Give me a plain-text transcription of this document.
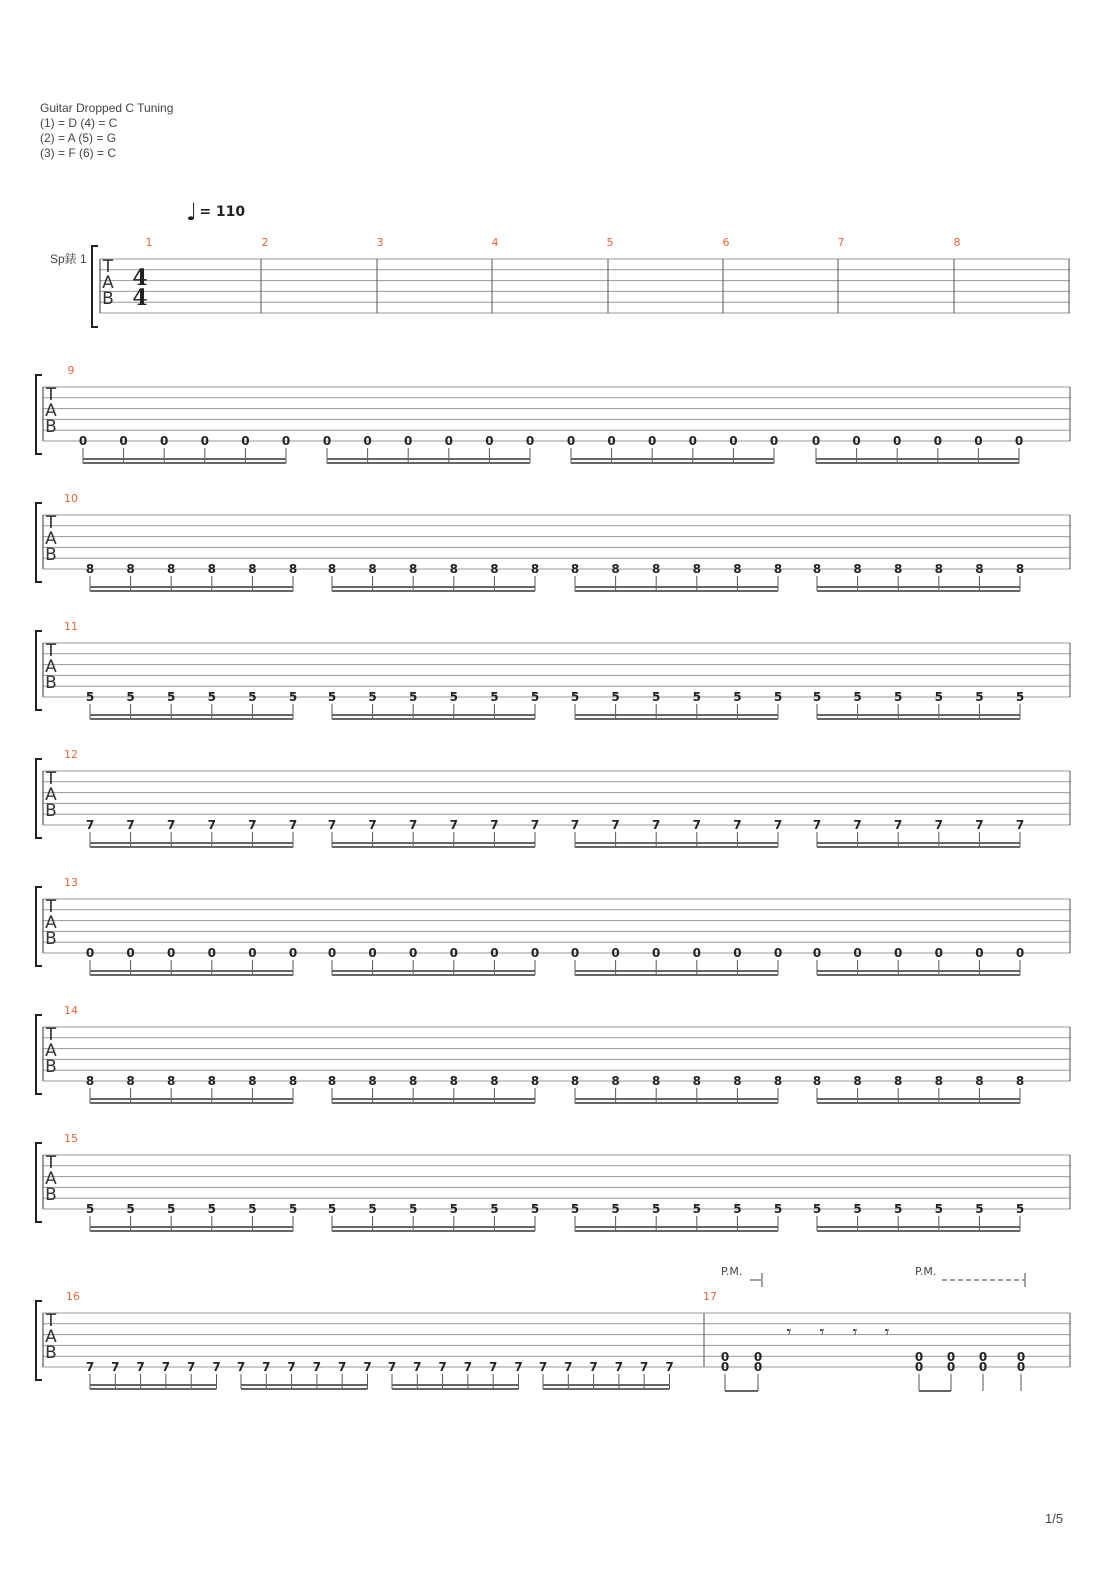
Guitar Dropped C Tuning
(1) = D (4) = C
(2) = A (5) = G
(3) = F (6) = C
♩ = 110
Sp錶 1 T
A
B
4
4
1	2	3	4	5	6	7	8
T
A
B
9
0	0	0	0	0	0	0	0	0	0	0	0	0	0	0	0	0	0	0	0	0	0	0	0
T
A
B
10
8	8	8	8	8	8	8	8	8	8	8	8	8	8	8	8	8	8	8	8	8	8	8	8
T
A
B
11
5	5	5	5	5	5	5	5	5	5	5	5	5	5	5	5	5	5	5	5	5	5	5	5
T
A
B
12
7	7	7	7	7	7	7	7	7	7	7	7	7	7	7	7	7	7	7	7	7	7	7	7
T
A
B
13
0	0	0	0	0	0	0	0	0	0	0	0	0	0	0	0	0	0	0	0	0	0	0	0
T
A
B
14
8	8	8	8	8	8	8	8	8	8	8	8	8	8	8	8	8	8	8	8	8	8	8	8
T
A
B
15
5	5	5	5	5	5	5	5	5	5	5	5	5	5	5	5	5	5	5	5	5	5	5	5
T
A
B
16	17
7 7 7 7 7 7 7 7 7 7 7 7 7 7 7 7 7 7 7 7 7 7 7 7
0
0
0
0
0
0
0
0
0
0
0
0
𝄾 𝄾 𝄾 𝄾
P.M.	P.M.
1/5
